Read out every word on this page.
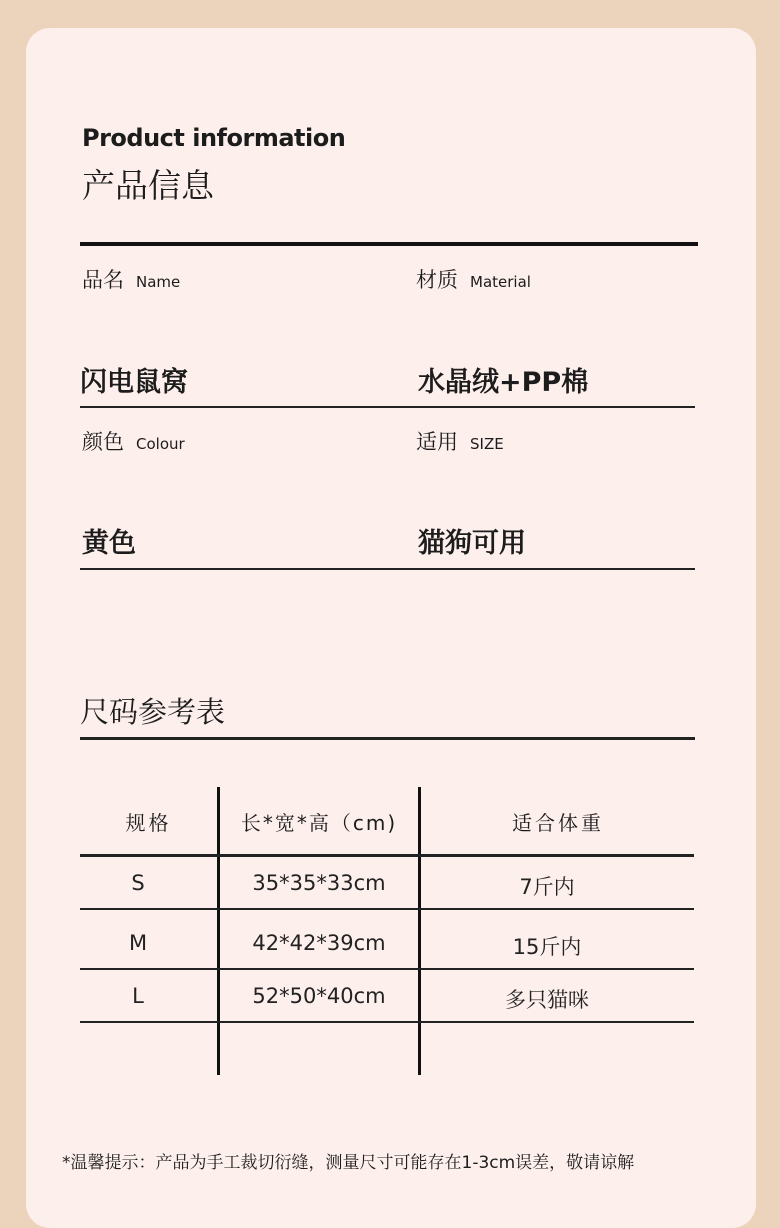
Product information
产品信息
品名 Name	材质 Material
闪电鼠窝	水晶绒+PP棉
颜色 Colour	适用 SIZE
黄色	猫狗可用
尺码参考表
规格	长*宽*高（cm)	适合体重
S	35*35*33cm	7斤内
M	42*42*39cm	15斤内
L	52*50*40cm	多只猫咪
*温馨提示：产品为手工裁切衍缝，测量尺寸可能存在1-3cm误差，敬请谅解
